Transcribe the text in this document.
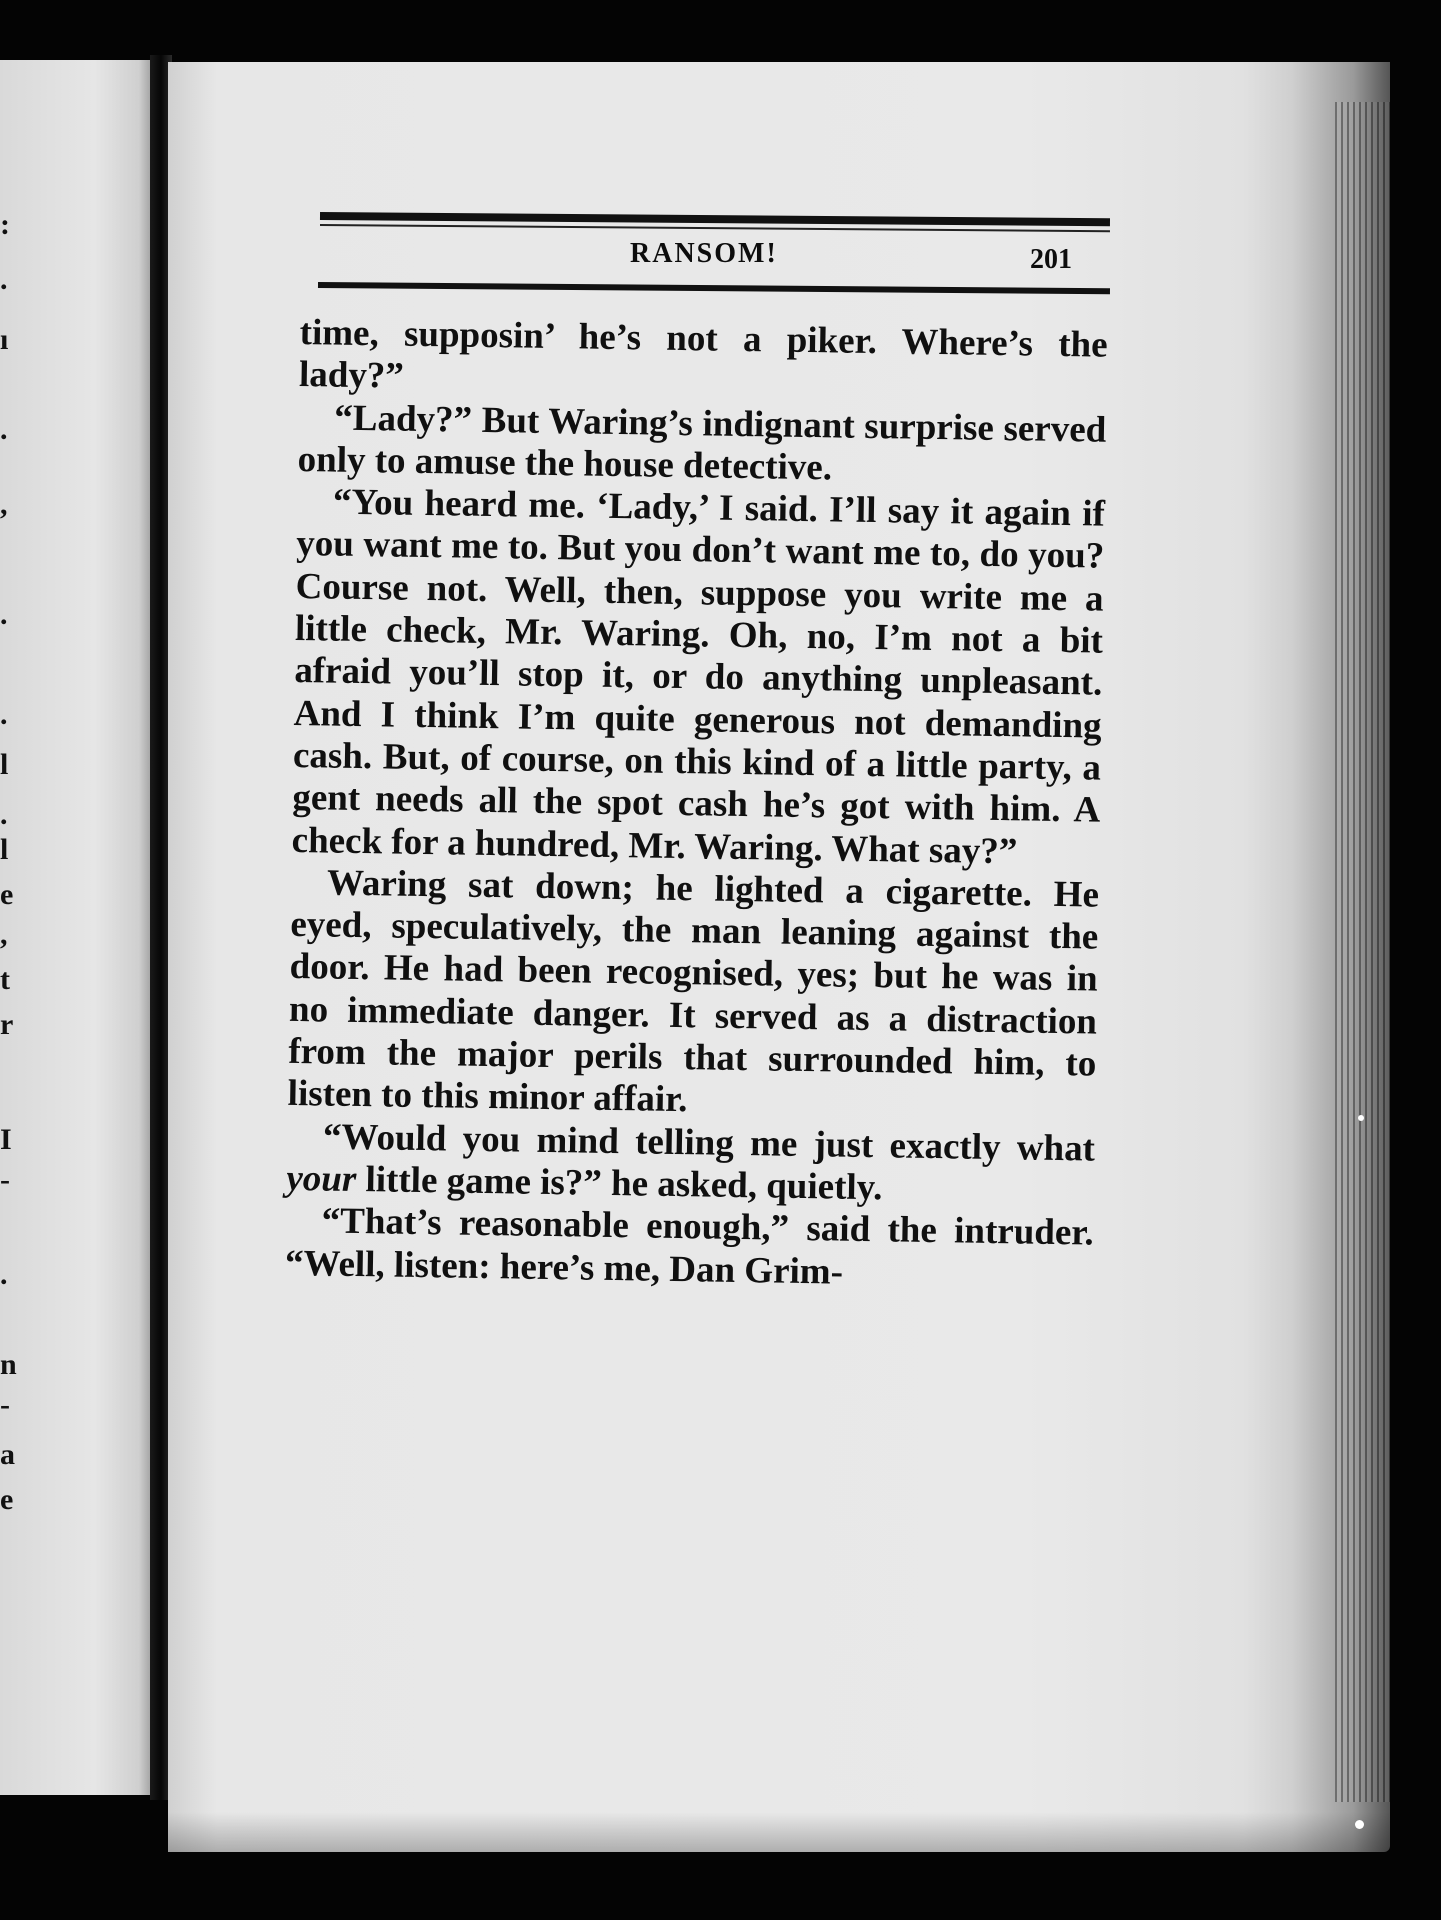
:
.
ı
.
,
.
.
l
.
l
e
,
t
r
I
-
.
n
-
a
e
RANSOM!	201

time, supposin’ he’s not a piker. Where’s the lady?”

“Lady?” But Waring’s indignant surprise served only to amuse the house detective.

“You heard me. ‘Lady,’ I said. I’ll say it again if you want me to. But you don’t want me to, do you? Course not. Well, then, suppose you write me a little check, Mr. Waring. Oh, no, I’m not a bit afraid you’ll stop it, or do anything unpleasant. And I think I’m quite generous not demanding cash. But, of course, on this kind of a little party, a gent needs all the spot cash he’s got with him. A check for a hundred, Mr. Waring. What say?”

Waring sat down; he lighted a cigarette. He eyed, speculatively, the man leaning against the door. He had been recognised, yes; but he was in no immediate danger. It served as a distraction from the major perils that surrounded him, to listen to this minor affair.

“Would you mind telling me just exactly what your little game is?” he asked, quietly.

“That’s reasonable enough,” said the intruder. “Well, listen: here’s me, Dan Grim-
